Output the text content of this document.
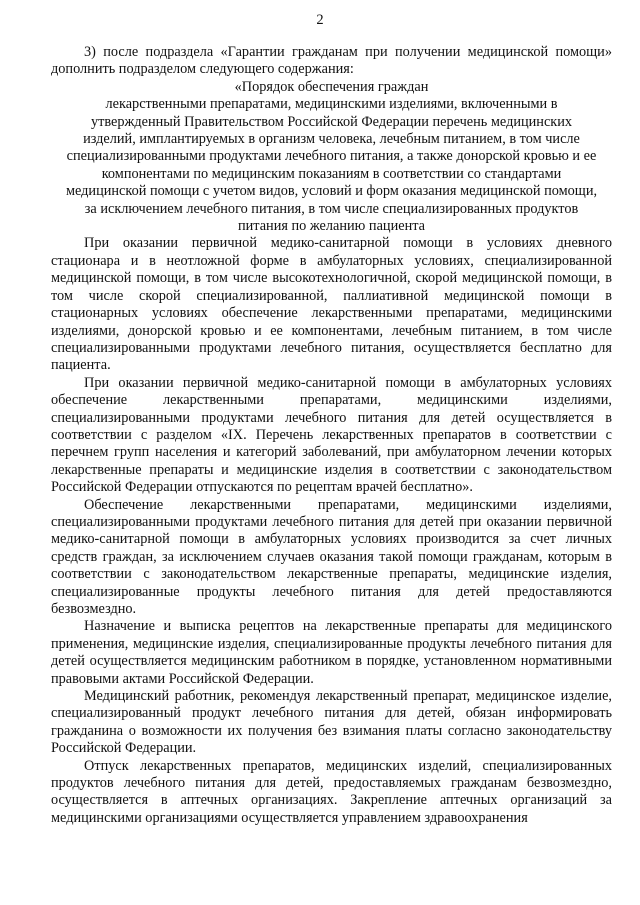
2

3) после подраздела «Гарантии гражданам при получении медицинской помощи» дополнить подразделом следующего содержания:

«Порядок обеспечения граждан
лекарственными препаратами, медицинскими изделиями, включенными в
утвержденный Правительством Российской Федерации перечень медицинских
изделий, имплантируемых в организм человека, лечебным питанием, в том числе
специализированными продуктами лечебного питания, а также донорской кровью и ее
компонентами по медицинским показаниям в соответствии со стандартами
медицинской помощи с учетом видов, условий и форм оказания медицинской помощи,
за исключением лечебного питания, в том числе специализированных продуктов
питания по желанию пациента

При оказании первичной медико-санитарной помощи в условиях дневного стационара и в неотложной форме в амбулаторных условиях, специализированной медицинской помощи, в том числе высокотехнологичной, скорой медицинской помощи, в том числе скорой специализированной, паллиативной медицинской помощи в стационарных условиях обеспечение лекарственными препаратами, медицинскими изделиями, донорской кровью и ее компонентами, лечебным питанием, в том числе специализированными продуктами лечебного питания, осуществляется бесплатно для пациента.

При оказании первичной медико-санитарной помощи в амбулаторных условиях обеспечение лекарственными препаратами, медицинскими изделиями, специализированными продуктами лечебного питания для детей осуществляется в соответствии с разделом «IX. Перечень лекарственных препаратов в соответствии с перечнем групп населения и категорий заболеваний, при амбулаторном лечении которых лекарственные препараты и медицинские изделия в соответствии с законодательством Российской Федерации отпускаются по рецептам врачей бесплатно».

Обеспечение лекарственными препаратами, медицинскими изделиями, специализированными продуктами лечебного питания для детей при оказании первичной медико-санитарной помощи в амбулаторных условиях производится за счет личных средств граждан, за исключением случаев оказания такой помощи гражданам, которым в соответствии с законодательством лекарственные препараты, медицинские изделия, специализированные продукты лечебного питания для детей предоставляются безвозмездно.

Назначение и выписка рецептов на лекарственные препараты для медицинского применения, медицинские изделия, специализированные продукты лечебного питания для детей осуществляется медицинским работником в порядке, установленном нормативными правовыми актами Российской Федерации.

Медицинский работник, рекомендуя лекарственный препарат, медицинское изделие, специализированный продукт лечебного питания для детей, обязан информировать гражданина о возможности их получения без взимания платы согласно законодательству Российской Федерации.

Отпуск лекарственных препаратов, медицинских изделий, специализированных продуктов лечебного питания для детей, предоставляемых гражданам безвозмездно, осуществляется в аптечных организациях. Закрепление аптечных организаций за медицинскими организациями осуществляется управлением здравоохранения
